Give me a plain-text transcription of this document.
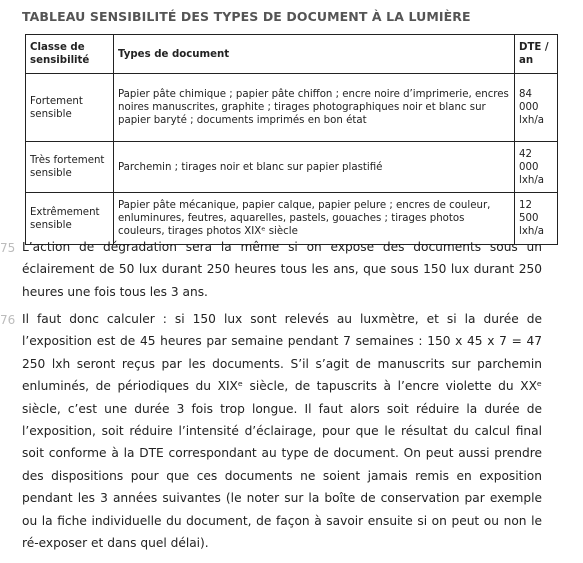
TABLEAU SENSIBILITÉ DES TYPES DE DOCUMENT À LA LUMIÈRE
Classe de sensibilité	Types de document	DTE / an
Fortement sensible	Papier pâte chimique ; papier pâte chiffon ; encre noire d’imprimerie, encres noires manuscrites, graphite ; tirages photographiques noir et blanc sur papier baryté ; documents imprimés en bon état	84 000 lxh/a
Très fortement sensible	Parchemin ; tirages noir et blanc sur papier plastifié	42 000 lxh/a
Extrêmement sensible	Papier pâte mécanique, papier calque, papier pelure ; encres de couleur, enluminures, feutres, aquarelles, pastels, gouaches ; tirages photos couleurs, tirages photos XIXᵉ siècle	12 500 lxh/a
75 L’action de dégradation sera la même si on expose des documents sous un éclairement de 50 lux durant 250 heures tous les ans, que sous 150 lux durant 250 heures une fois tous les 3 ans.

76 Il faut donc calculer : si 150 lux sont relevés au luxmètre, et si la durée de l’exposition est de 45 heures par semaine pendant 7 semaines : 150 x 45 x 7 = 47 250 lxh seront reçus par les documents. S’il s’agit de manuscrits sur parchemin enluminés, de périodiques du XIXᵉ siècle, de tapuscrits à l’encre violette du XXᵉ siècle, c’est une durée 3 fois trop longue. Il faut alors soit réduire la durée de l’exposition, soit réduire l’intensité d’éclairage, pour que le résultat du calcul final soit conforme à la DTE correspondant au type de document. On peut aussi prendre des dispositions pour que ces documents ne soient jamais remis en exposition pendant les 3 années suivantes (le noter sur la boîte de conservation par exemple ou la fiche individuelle du document, de façon à savoir ensuite si on peut ou non le ré-exposer et dans quel délai).
